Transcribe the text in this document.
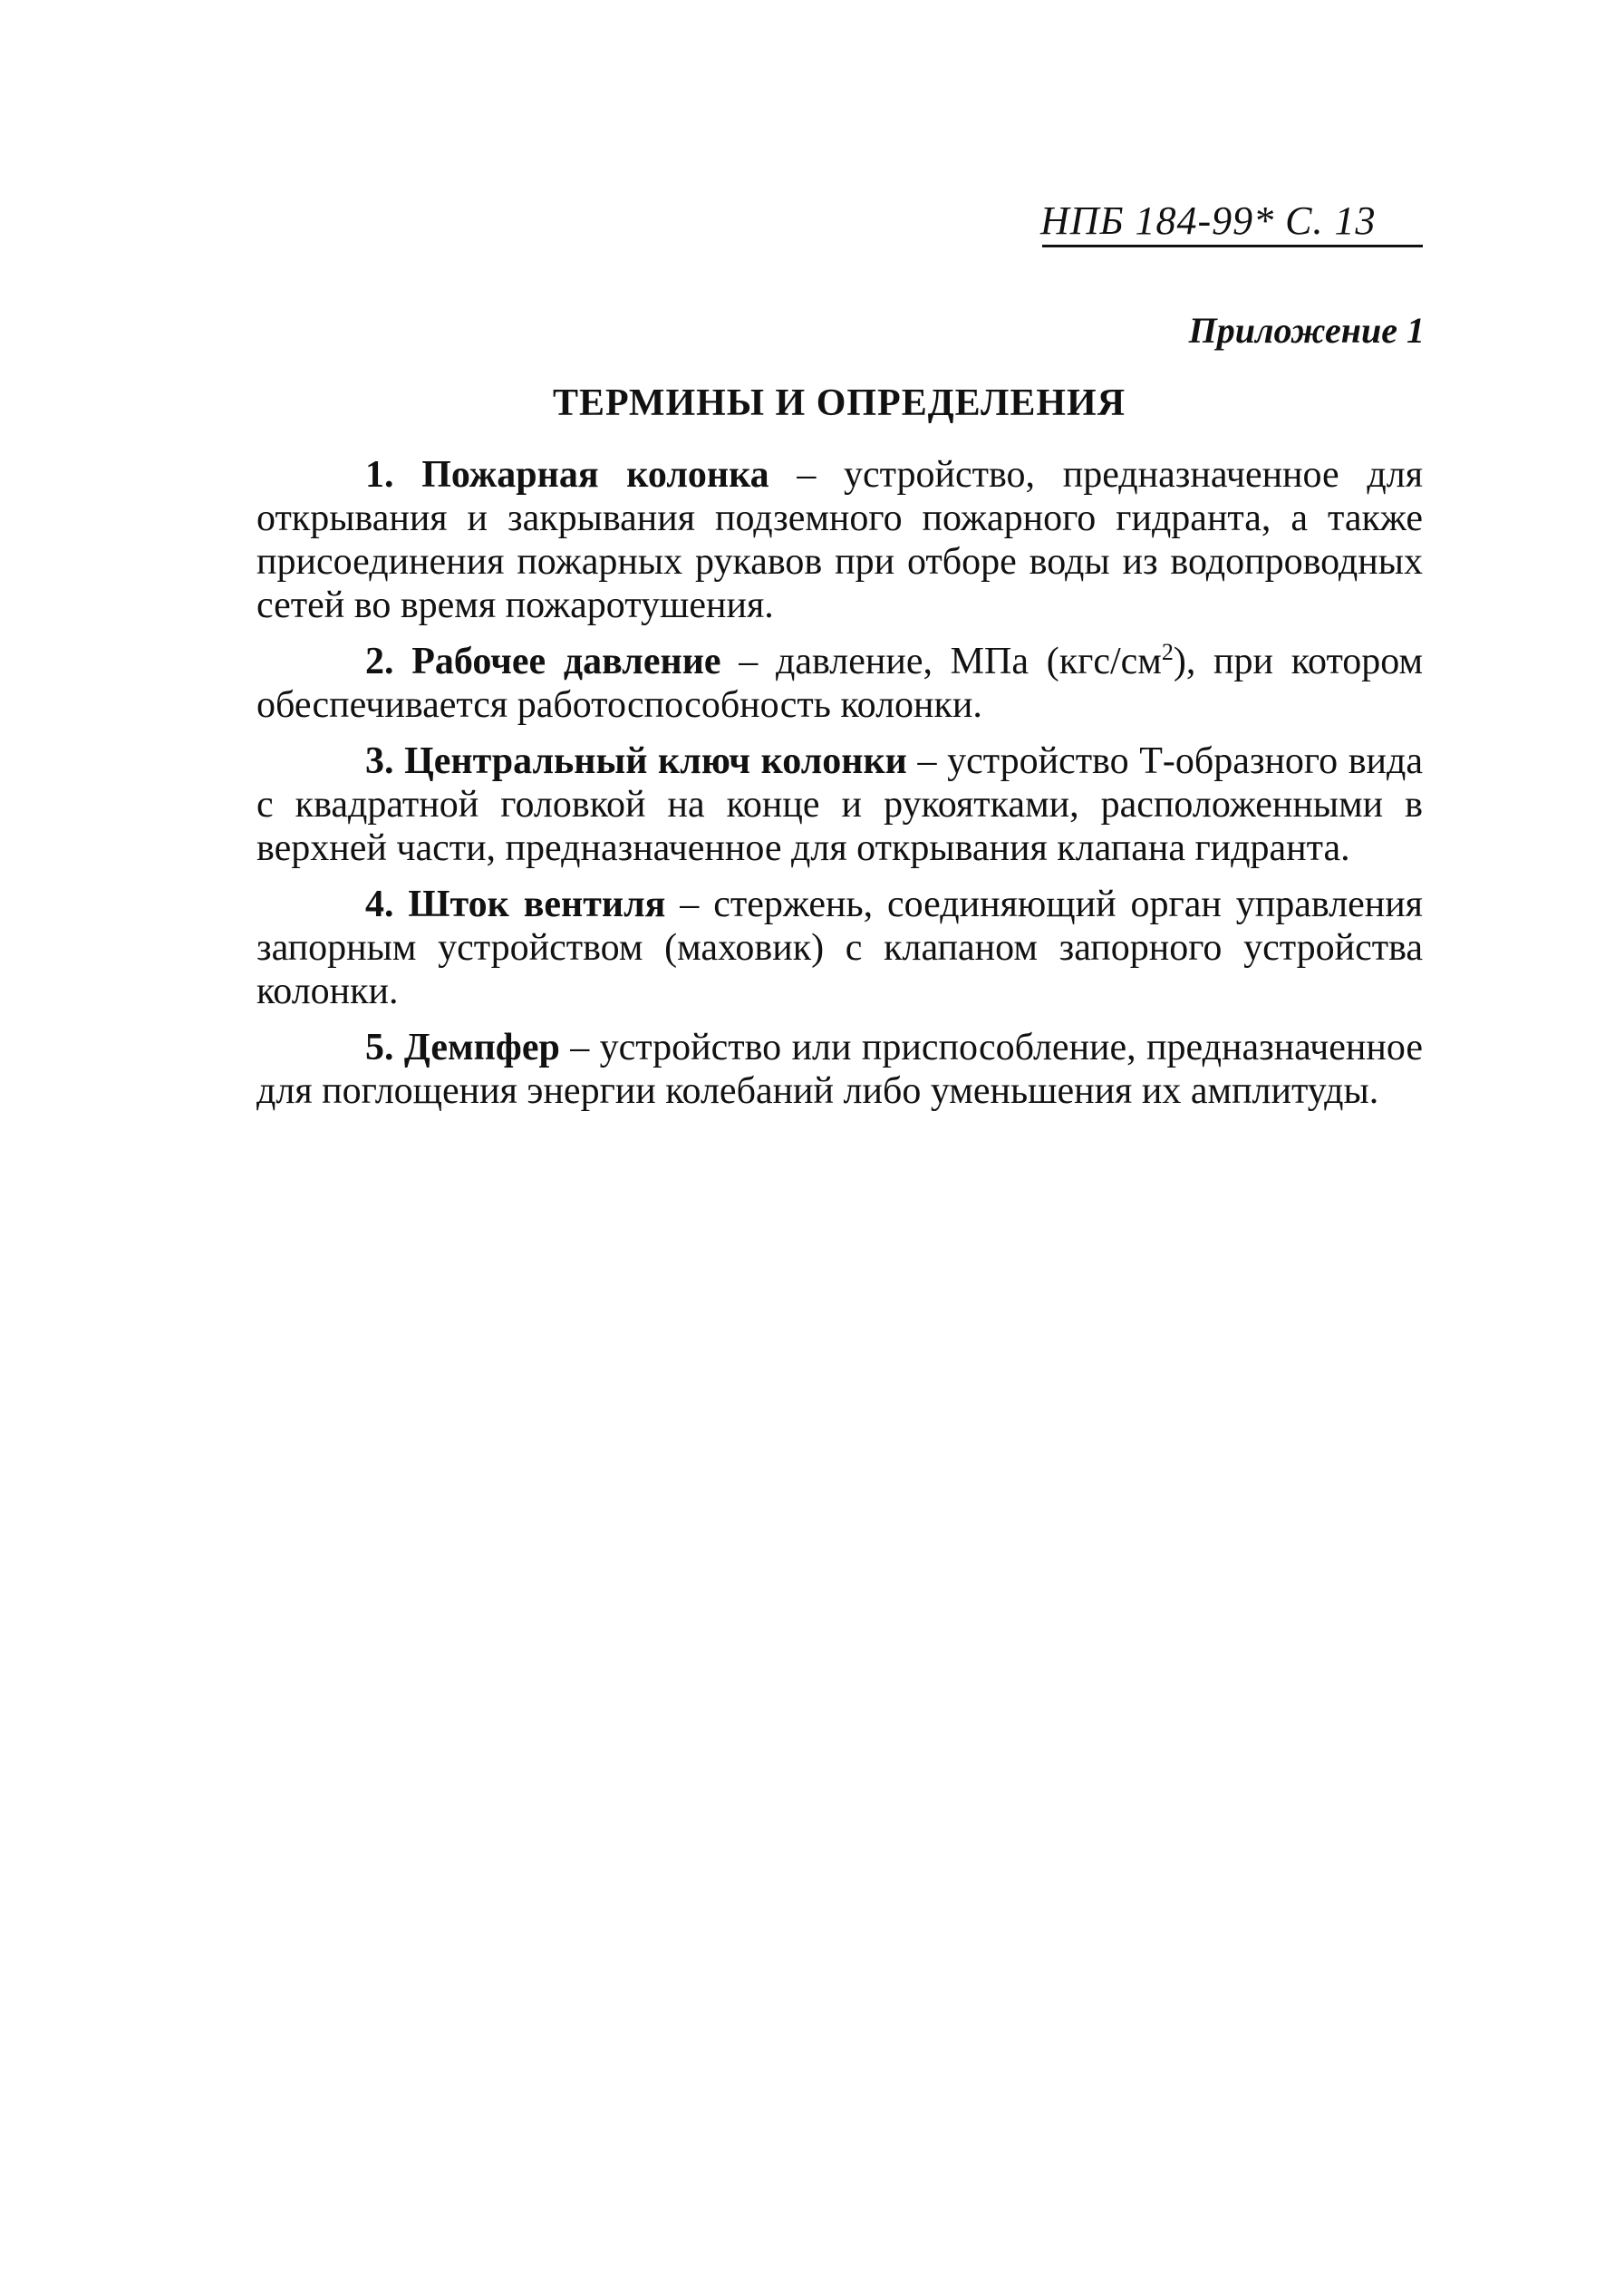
НПБ 184-99* С. 13
Приложение 1
ТЕРМИНЫ И ОПРЕДЕЛЕНИЯ
1. Пожарная колонка – устройство, предназначенное для открывания и закрывания подземного пожарного гидранта, а также присоединения пожарных рукавов при отборе воды из водопроводных сетей во время пожаротушения.
2. Рабочее давление – давление, МПа $(кгс/см^2)$, при котором обеспечивается работоспособность колонки.
3. Центральный ключ колонки – устройство Т-образного вида с квадратной головкой на конце и рукоятками, расположенными в верхней части, предназначенное для открывания клапана гидранта.
4. Шток вентиля – стержень, соединяющий орган управления запорным устройством (маховик) с клапаном запорного устройства колонки.
5. Демпфер – устройство или приспособление, предназначенное для поглощения энергии колебаний либо уменьшения их амплитуды.
